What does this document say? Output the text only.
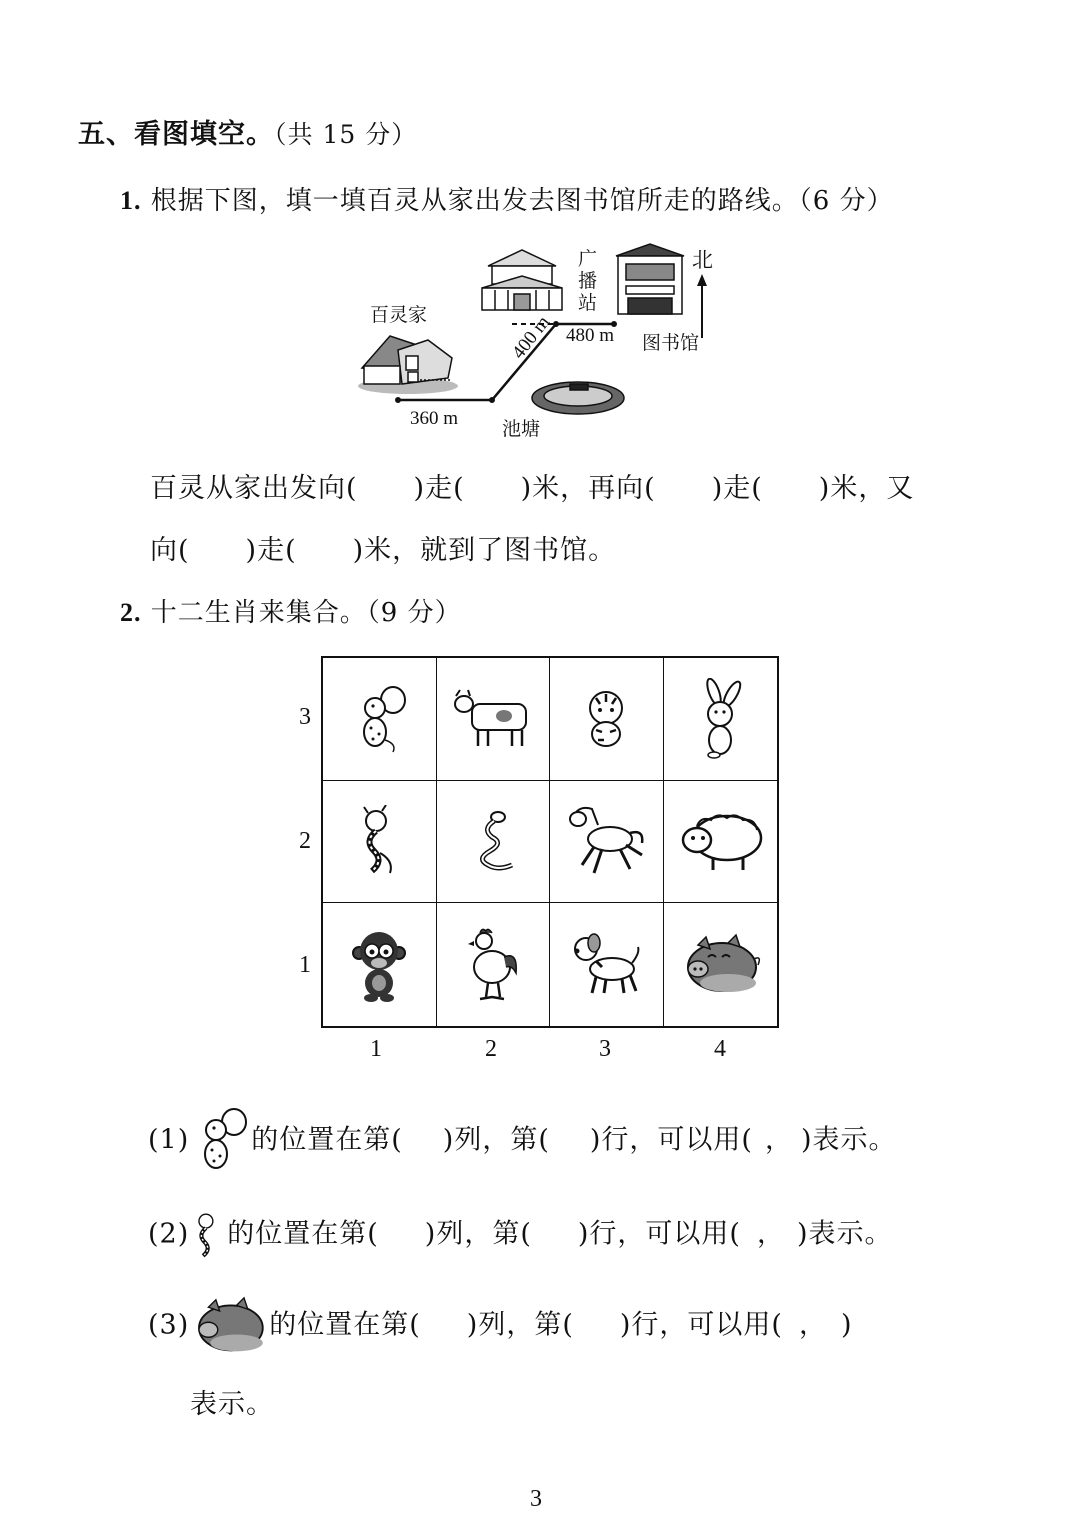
五、看图填空。（共 15 分）
1. 根据下图，填一填百灵从家出发去图书馆所走的路线。（6 分）
百灵家
广播站
北
480 m 图书馆
400 m
360 m 池塘
百灵从家出发向( )走( )米，再向( )走( )米，又
向( )走( )米，就到了图书馆。
2. 十二生肖来集合。（9 分）
3
2
1
1	2	3	4
(1) 的位置在第( )列，第( )行，可以用( ， )表示。
(2) 的位置在第( )列，第( )行，可以用( ， )表示。
(3)	的位置在第( )列，第( )行，可以用( ， )
表示。
3
